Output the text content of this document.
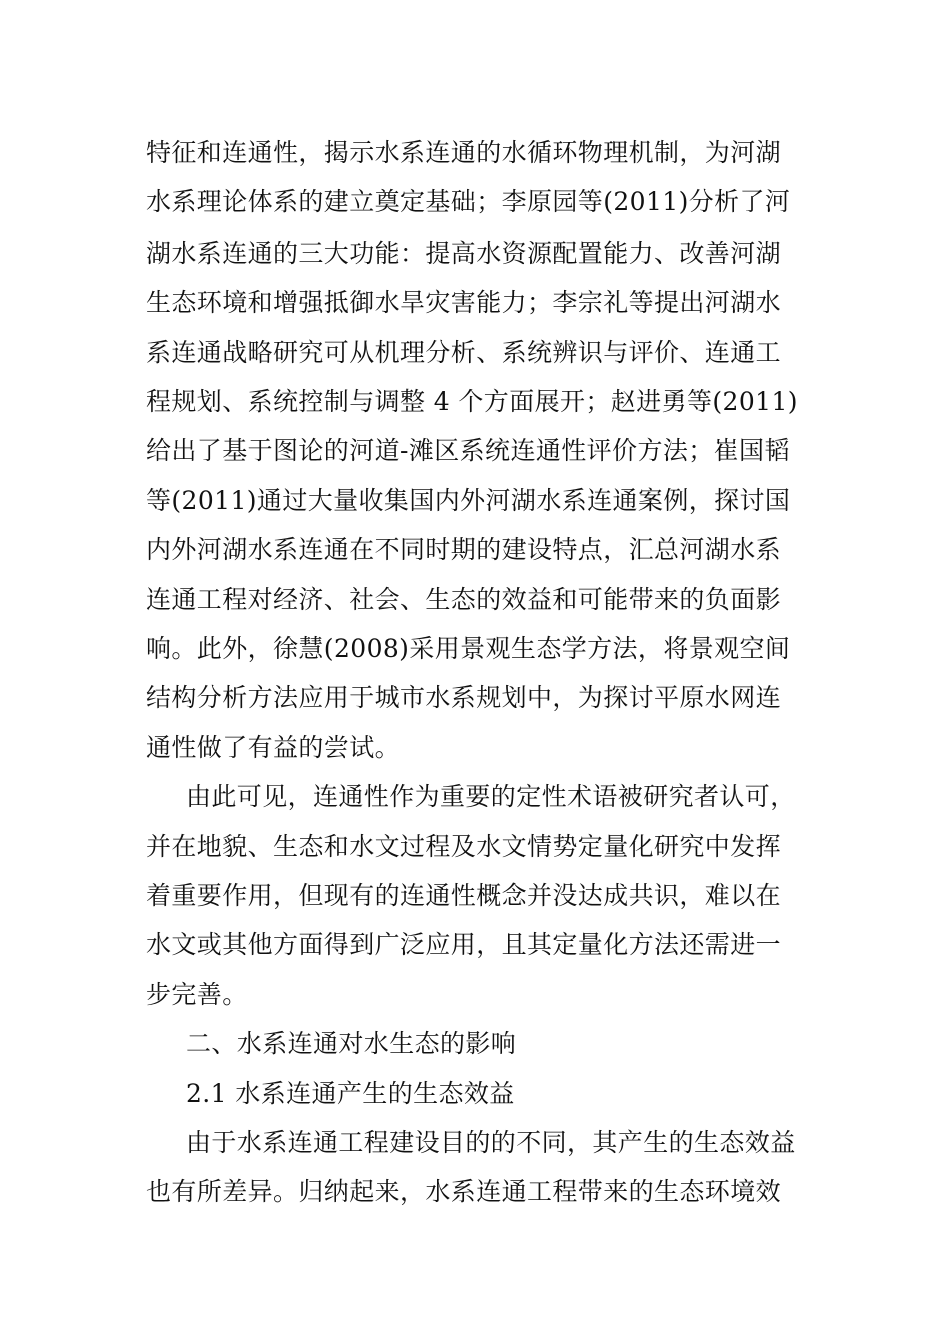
特征和连通性，揭示水系连通的水循环物理机制，为河湖
水系理论体系的建立奠定基础；李原园等(2011)分析了河
湖水系连通的三大功能：提高水资源配置能力、改善河湖
生态环境和增强抵御水旱灾害能力；李宗礼等提出河湖水
系连通战略研究可从机理分析、系统辨识与评价、连通工
程规划、系统控制与调整 4 个方面展开；赵进勇等(2011)
给出了基于图论的河道-滩区系统连通性评价方法；崔国韬
等(2011)通过大量收集国内外河湖水系连通案例，探讨国
内外河湖水系连通在不同时期的建设特点，汇总河湖水系
连通工程对经济、社会、生态的效益和可能带来的负面影
响。此外，徐慧(2008)采用景观生态学方法，将景观空间
结构分析方法应用于城市水系规划中，为探讨平原水网连
通性做了有益的尝试。
由此可见，连通性作为重要的定性术语被研究者认可，
并在地貌、生态和水文过程及水文情势定量化研究中发挥
着重要作用，但现有的连通性概念并没达成共识，难以在
水文或其他方面得到广泛应用，且其定量化方法还需进一
步完善。
二、水系连通对水生态的影响
2.1 水系连通产生的生态效益
由于水系连通工程建设目的的不同，其产生的生态效益
也有所差异。归纳起来，水系连通工程带来的生态环境效
